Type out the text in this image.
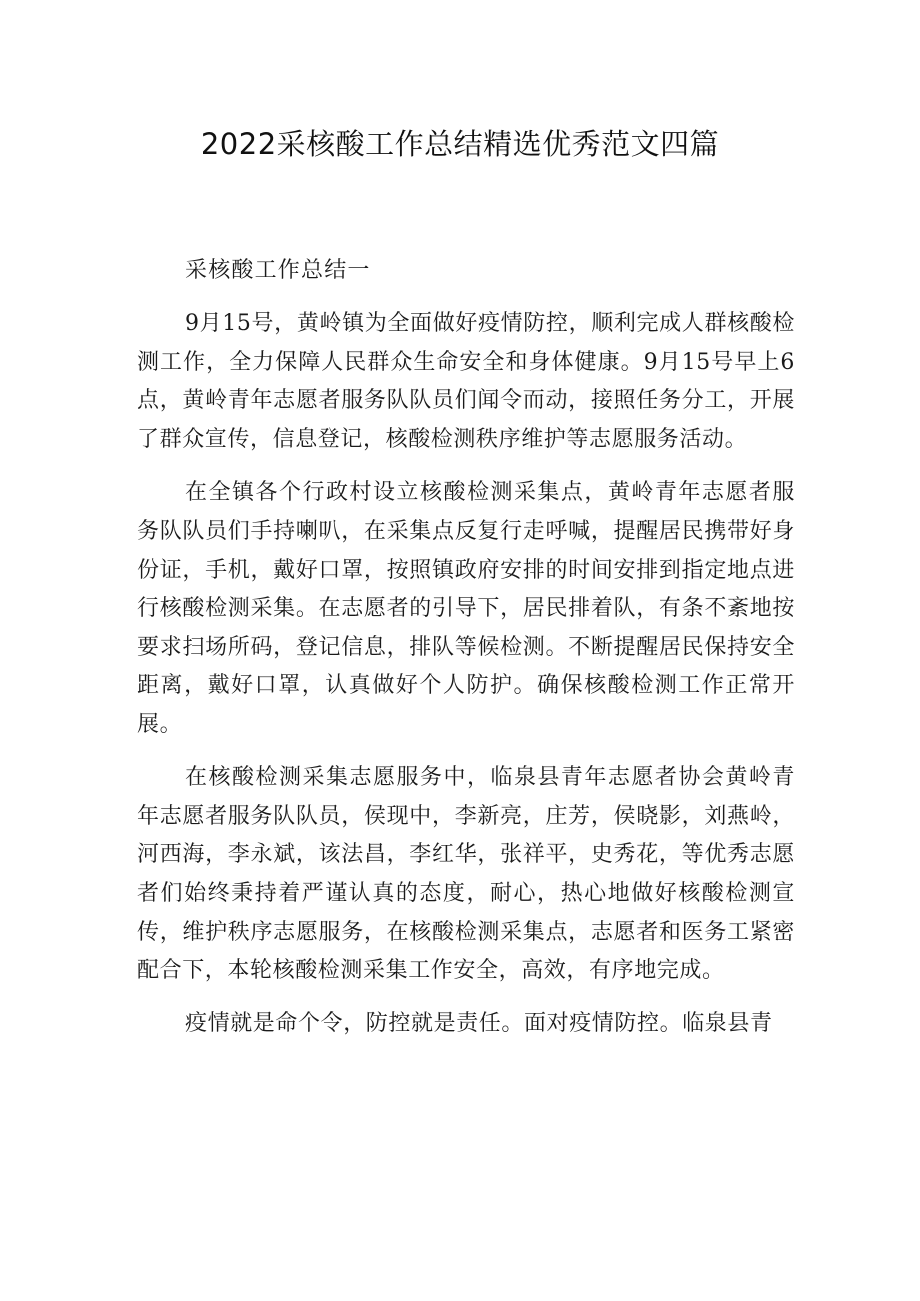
2022采核酸工作总结精选优秀范文四篇

采核酸工作总结一

9月15号，黄岭镇为全面做好疫情防控，顺利完成人群核酸检测工作，全力保障人民群众生命安全和身体健康。9月15号早上6点，黄岭青年志愿者服务队队员们闻令而动，接照任务分工，开展了群众宣传，信息登记，核酸检测秩序维护等志愿服务活动。

在全镇各个行政村设立核酸检测采集点，黄岭青年志愿者服务队队员们手持喇叭，在采集点反复行走呼喊，提醒居民携带好身份证，手机，戴好口罩，按照镇政府安排的时间安排到指定地点进行核酸检测采集。在志愿者的引导下，居民排着队，有条不紊地按要求扫场所码，登记信息，排队等候检测。不断提醒居民保持安全距离，戴好口罩，认真做好个人防护。确保核酸检测工作正常开展。

在核酸检测采集志愿服务中，临泉县青年志愿者协会黄岭青年志愿者服务队队员，侯现中，李新亮，庄芳，侯晓影，刘燕岭，河西海，李永斌，该法昌，李红华，张祥平，史秀花，等优秀志愿者们始终秉持着严谨认真的态度，耐心，热心地做好核酸检测宣传，维护秩序志愿服务，在核酸检测采集点，志愿者和医务工紧密配合下，本轮核酸检测采集工作安全，高效，有序地完成。

疫情就是命个令，防控就是责任。面对疫情防控。临泉县青
